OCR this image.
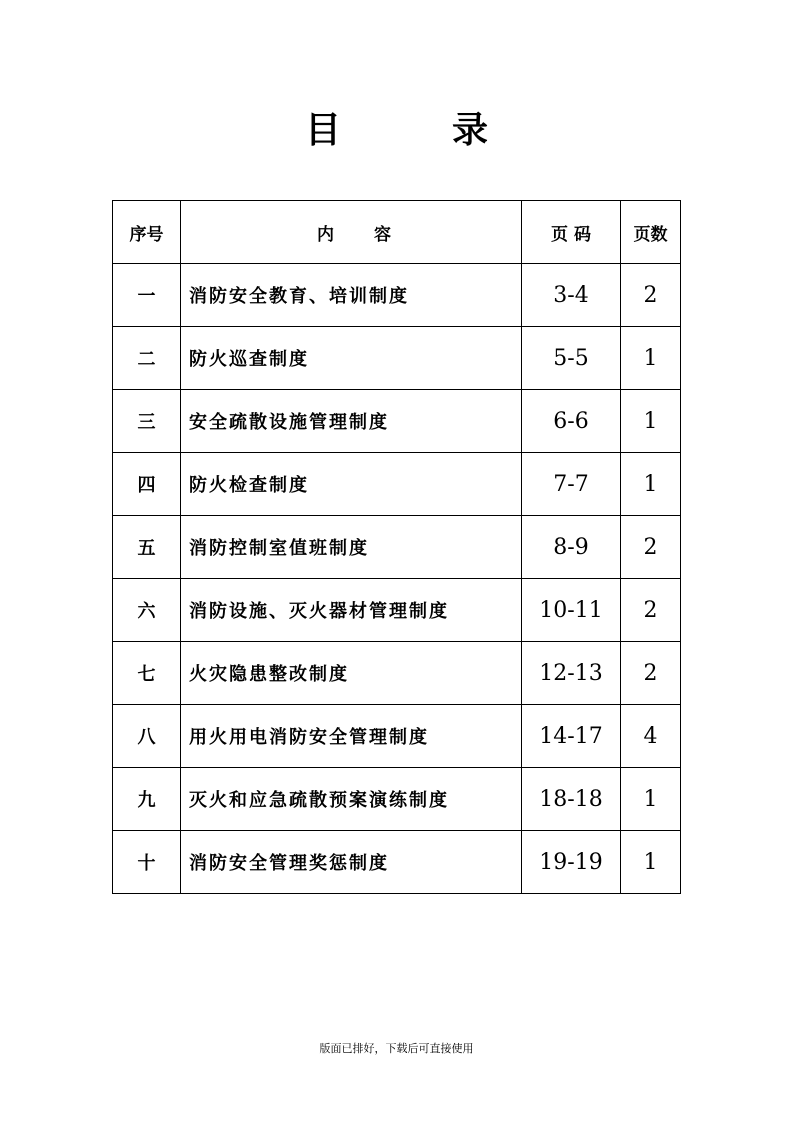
目	录
序号	内　　容	页 码	页数
一	消防安全教育、培训制度	3-4	2
二	防火巡查制度	5-5	1
三	安全疏散设施管理制度	6-6	1
四	防火检查制度	7-7	1
五	消防控制室值班制度	8-9	2
六	消防设施、灭火器材管理制度	10-11	2
七	火灾隐患整改制度	12-13	2
八	用火用电消防安全管理制度	14-17	4
九	灭火和应急疏散预案演练制度	18-18	1
十	消防安全管理奖惩制度	19-19	1
版面已排好，下载后可直接使用
